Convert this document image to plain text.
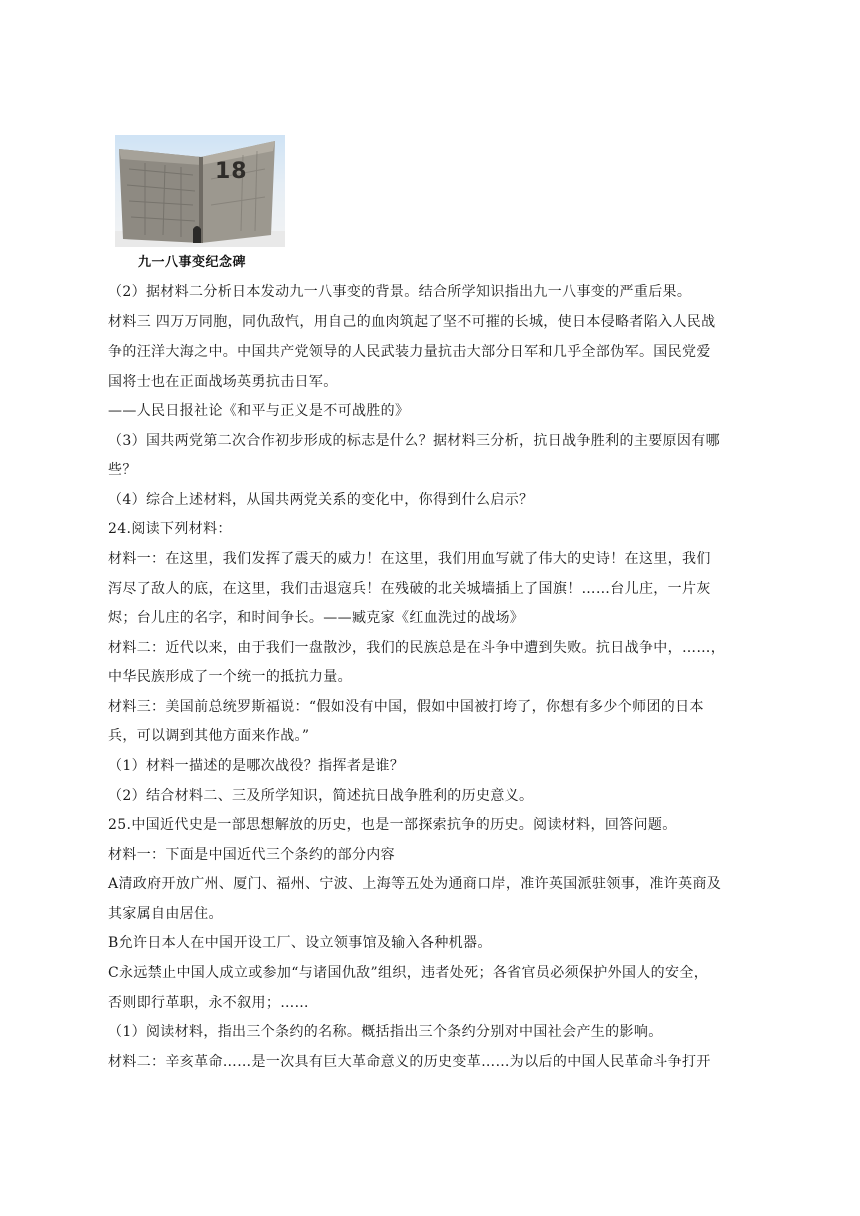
18
九一八事变纪念碑
（2）据材料二分析日本发动九一八事变的背景。结合所学知识指出九一八事变的严重后果。
材料三 四万万同胞，同仇敌忾，用自己的血肉筑起了坚不可摧的长城，使日本侵略者陷入人民战
争的汪洋大海之中。中国共产党领导的人民武装力量抗击大部分日军和几乎全部伪军。国民党爱
国将士也在正面战场英勇抗击日军。
——人民日报社论《和平与正义是不可战胜的》
（3）国共两党第二次合作初步形成的标志是什么？据材料三分析，抗日战争胜利的主要原因有哪
些？
（4）综合上述材料，从国共两党关系的变化中，你得到什么启示？
24.阅读下列材料：
材料一：在这里，我们发挥了震天的威力！在这里，我们用血写就了伟大的史诗！在这里，我们
泻尽了敌人的底，在这里，我们击退寇兵！在残破的北关城墙插上了国旗！……台儿庄，一片灰
烬；台儿庄的名字，和时间争长。——臧克家《红血洗过的战场》
材料二：近代以来，由于我们一盘散沙，我们的民族总是在斗争中遭到失败。抗日战争中，……，
中华民族形成了一个统一的抵抗力量。
材料三：美国前总统罗斯福说：“假如没有中国，假如中国被打垮了，你想有多少个师团的日本
兵，可以调到其他方面来作战。”
（1）材料一描述的是哪次战役？指挥者是谁？
（2）结合材料二、三及所学知识，简述抗日战争胜利的历史意义。
25.中国近代史是一部思想解放的历史，也是一部探索抗争的历史。阅读材料，回答问题。
材料一：下面是中国近代三个条约的部分内容
A清政府开放广州、厦门、福州、宁波、上海等五处为通商口岸，准许英国派驻领事，准许英商及
其家属自由居住。
B允许日本人在中国开设工厂、设立领事馆及输入各种机器。
C永远禁止中国人成立或参加“与诸国仇敌”组织，违者处死；各省官员必须保护外国人的安全，
否则即行革职，永不叙用；……
（1）阅读材料，指出三个条约的名称。概括指出三个条约分别对中国社会产生的影响。
材料二：辛亥革命……是一次具有巨大革命意义的历史变革……为以后的中国人民革命斗争打开
